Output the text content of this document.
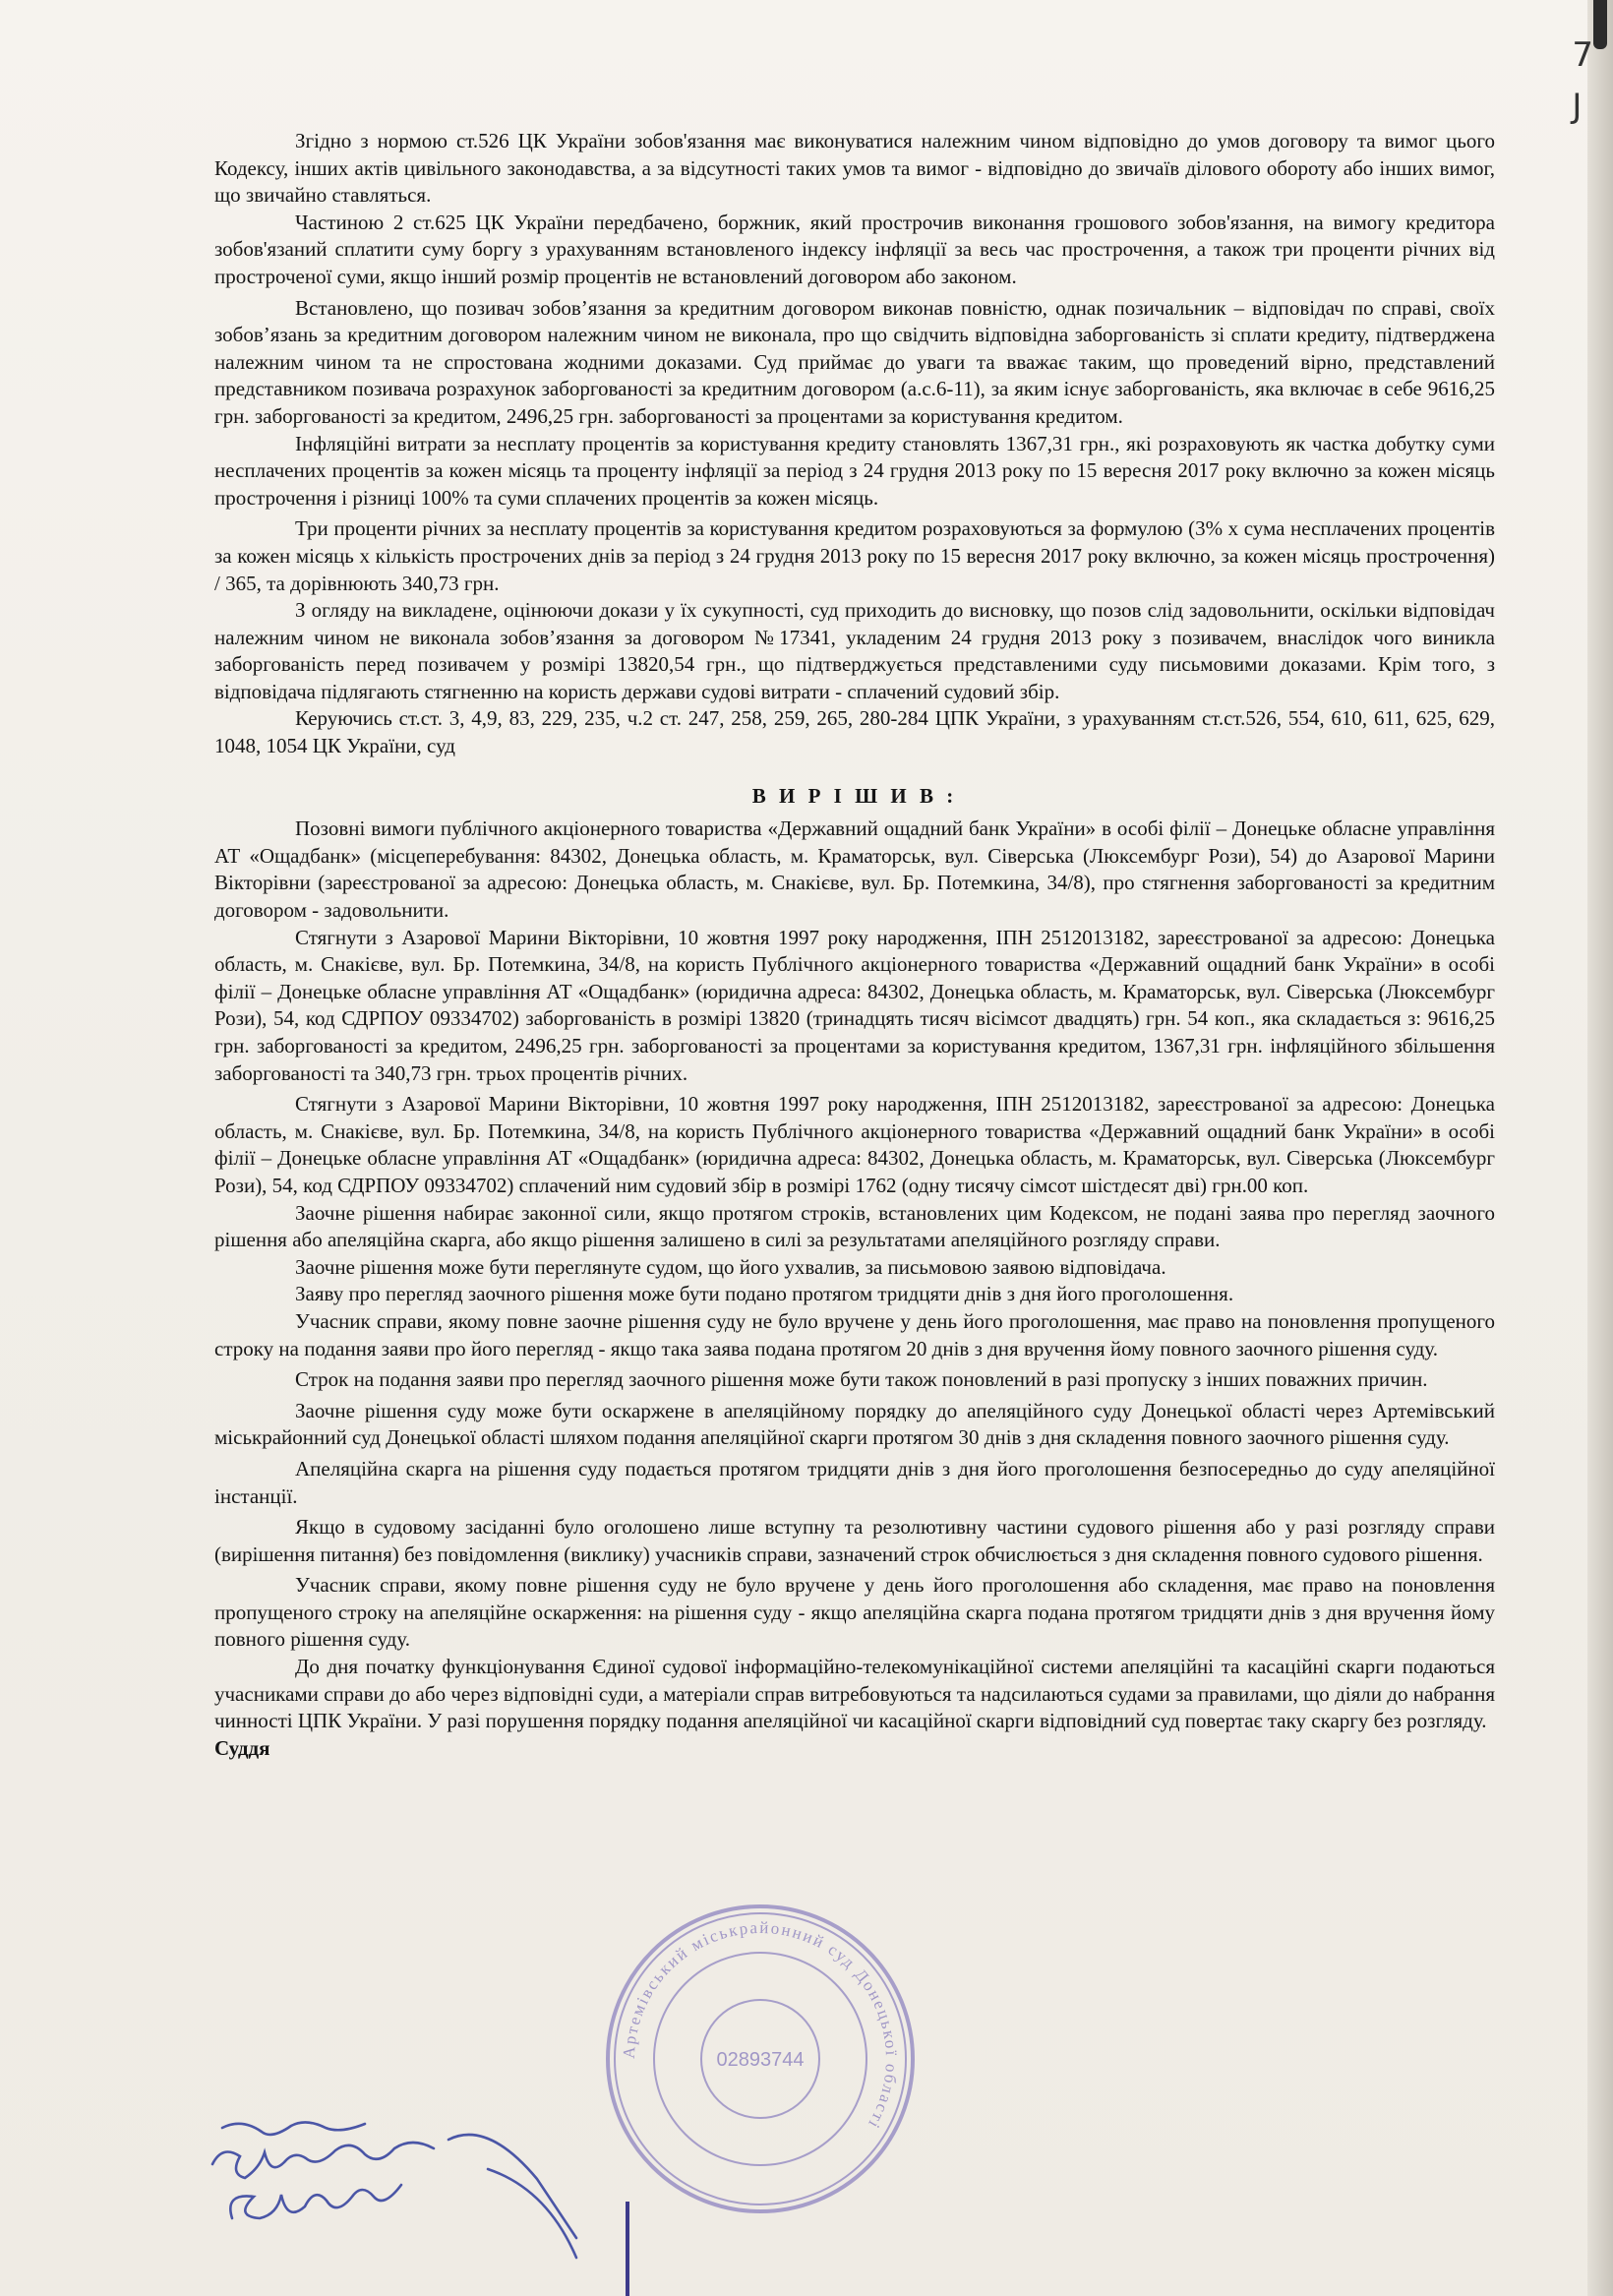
7
J

Згідно з нормою ст.526 ЦК України зобов'язання має виконуватися належним чином відповідно до умов договору та вимог цього Кодексу, інших актів цивільного законодавства, а за відсутності таких умов та вимог - відповідно до звичаїв ділового обороту або інших вимог, що звичайно ставляться.

Частиною 2 ст.625 ЦК України передбачено, боржник, який прострочив виконання грошового зобов'язання, на вимогу кредитора зобов'язаний сплатити суму боргу з урахуванням встановленого індексу інфляції за весь час прострочення, а також три проценти річних від простроченої суми, якщо інший розмір процентів не встановлений договором або законом.

Встановлено, що позивач зобов’язання за кредитним договором виконав повністю, однак позичальник – відповідач по справі, своїх зобов’язань за кредитним договором належним чином не виконала, про що свідчить відповідна заборгованість зі сплати кредиту, підтверджена належним чином та не спростована жодними доказами. Суд приймає до уваги та вважає таким, що проведений вірно, представлений представником позивача розрахунок заборгованості за кредитним договором (а.с.6-11), за яким існує заборгованість, яка включає в себе 9616,25 грн. заборгованості за кредитом, 2496,25 грн. заборгованості за процентами за користування кредитом.

Інфляційні витрати за несплату процентів за користування кредиту становлять 1367,31 грн., які розраховують як частка добутку суми несплачених процентів за кожен місяць та проценту інфляції за період з 24 грудня 2013 року по 15 вересня 2017 року включно за кожен місяць прострочення і різниці 100% та суми сплачених процентів за кожен місяць.

Три проценти річних за несплату процентів за користування кредитом розраховуються за формулою (3% х сума несплачених процентів за кожен місяць х кількість прострочених днів за період з 24 грудня 2013 року по 15 вересня 2017 року включно, за кожен місяць прострочення) / 365, та дорівнюють 340,73 грн.

З огляду на викладене, оцінюючи докази у їх сукупності, суд приходить до висновку, що позов слід задовольнити, оскільки відповідач належним чином не виконала зобов’язання за договором №17341, укладеним 24 грудня 2013 року з позивачем, внаслідок чого виникла заборгованість перед позивачем у розмірі 13820,54 грн., що підтверджується представленими суду письмовими доказами. Крім того, з відповідача підлягають стягненню на користь держави судові витрати - сплачений судовий збір.

Керуючись ст.ст. 3, 4,9, 83, 229, 235, ч.2 ст. 247, 258, 259, 265, 280-284 ЦПК України, з урахуванням ст.ст.526, 554, 610, 611, 625, 629, 1048, 1054 ЦК України, суд

В И Р І Ш И В :

Позовні вимоги публічного акціонерного товариства «Державний ощадний банк України» в особі філії – Донецьке обласне управління АТ «Ощадбанк» (місцеперебування: 84302, Донецька область, м. Краматорськ, вул. Сіверська (Люксембург Рози), 54) до Азарової Марини Вікторівни (зареєстрованої за адресою: Донецька область, м. Снакієве, вул. Бр. Потемкина, 34/8), про стягнення заборгованості за кредитним договором - задовольнити.

Стягнути з Азарової Марини Вікторівни, 10 жовтня 1997 року народження, ІПН 2512013182, зареєстрованої за адресою: Донецька область, м. Снакієве, вул. Бр. Потемкина, 34/8, на користь Публічного акціонерного товариства «Державний ощадний банк України» в особі філії – Донецьке обласне управління АТ «Ощадбанк» (юридична адреса: 84302, Донецька область, м. Краматорськ, вул. Сіверська (Люксембург Рози), 54, код СДРПОУ 09334702) заборгованість в розмірі 13820 (тринадцять тисяч вісімсот двадцять) грн. 54 коп., яка складається з: 9616,25 грн. заборгованості за кредитом, 2496,25 грн. заборгованості за процентами за користування кредитом, 1367,31 грн. інфляційного збільшення заборгованості та 340,73 грн. трьох процентів річних.

Стягнути з Азарової Марини Вікторівни, 10 жовтня 1997 року народження, ІПН 2512013182, зареєстрованої за адресою: Донецька область, м. Снакієве, вул. Бр. Потемкина, 34/8, на користь Публічного акціонерного товариства «Державний ощадний банк України» в особі філії – Донецьке обласне управління АТ «Ощадбанк» (юридична адреса: 84302, Донецька область, м. Краматорськ, вул. Сіверська (Люксембург Рози), 54, код СДРПОУ 09334702) сплачений ним судовий збір в розмірі 1762 (одну тисячу сімсот шістдесят дві) грн.00 коп.

Заочне рішення набирає законної сили, якщо протягом строків, встановлених цим Кодексом, не подані заява про перегляд заочного рішення або апеляційна скарга, або якщо рішення залишено в силі за результатами апеляційного розгляду справи.

Заочне рішення може бути переглянуте судом, що його ухвалив, за письмовою заявою відповідача.

Заяву про перегляд заочного рішення може бути подано протягом тридцяти днів з дня його проголошення.

Учасник справи, якому повне заочне рішення суду не було вручене у день його проголошення, має право на поновлення пропущеного строку на подання заяви про його перегляд - якщо така заява подана протягом 20 днів з дня вручення йому повного заочного рішення суду.

Строк на подання заяви про перегляд заочного рішення може бути також поновлений в разі пропуску з інших поважних причин.

Заочне рішення суду може бути оскаржене в апеляційному порядку до апеляційного суду Донецької області через Артемівський міськрайонний суд Донецької області шляхом подання апеляційної скарги протягом 30 днів з дня складення повного заочного рішення суду.

Апеляційна скарга на рішення суду подається протягом тридцяти днів з дня його проголошення безпосередньо до суду апеляційної інстанції.

Якщо в судовому засіданні було оголошено лише вступну та резолютивну частини судового рішення або у разі розгляду справи (вирішення питання) без повідомлення (виклику) учасників справи, зазначений строк обчислюється з дня складення повного судового рішення.

Учасник справи, якому повне рішення суду не було вручене у день його проголошення або складення, має право на поновлення пропущеного строку на апеляційне оскарження: на рішення суду - якщо апеляційна скарга подана протягом тридцяти днів з дня вручення йому повного рішення суду.

До дня початку функціонування Єдиної судової інформаційно-телекомунікаційної системи апеляційні та касаційні скарги подаються учасниками справи до або через відповідні суди, а матеріали справ витребовуються та надсилаються судами за правилами, що діяли до набрання чинності ЦПК України. У разі порушення порядку подання апеляційної чи касаційної скарги відповідний суд повертає таку скаргу без розгляду.

Суддя

Артемівський міськрайонний суд Донецької області
02893744
